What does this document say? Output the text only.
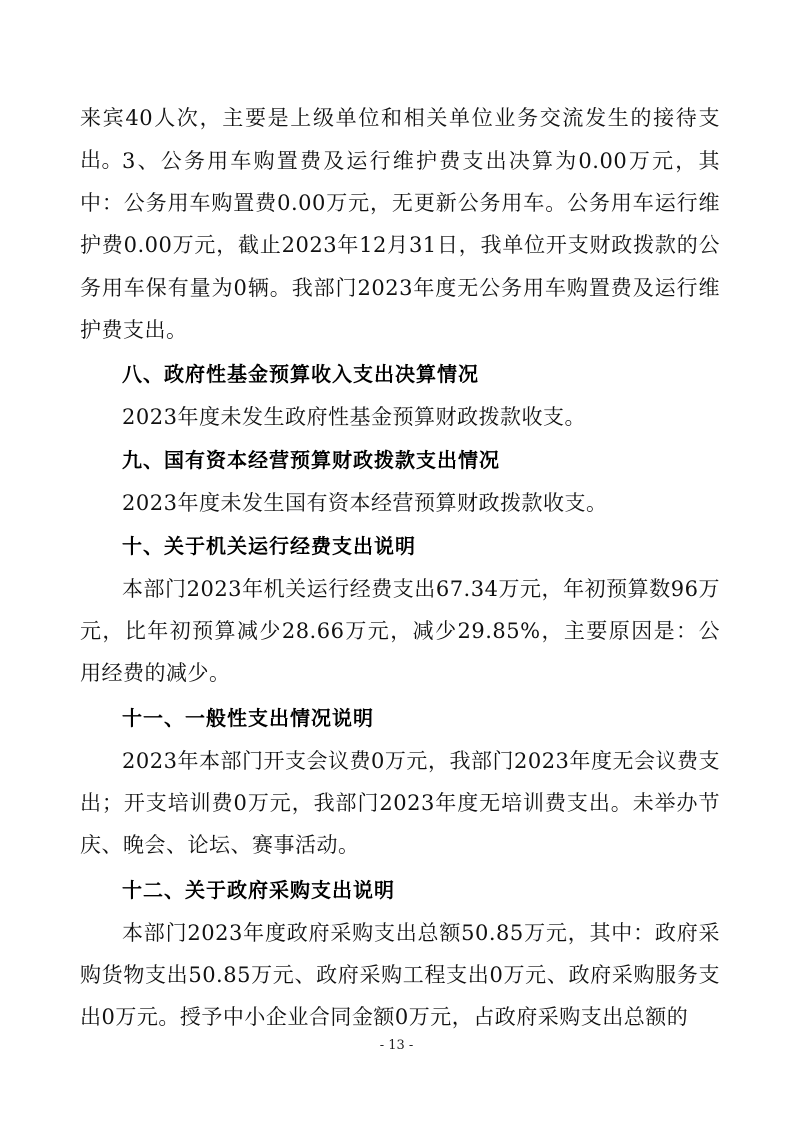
来宾40人次，主要是上级单位和相关单位业务交流发生的接待支出。 3、公务用车购置费及运行维护费支出决算为0.00万元，其中：公务用车购置费0.00万元，无更新公务用车。公务用车运行维护费0.00万元，截止2023年12月31日，我单位开支财政拨款的公务用车保有量为0辆。我部门2023年度无公务用车购置费及运行维护费支出。

八、政府性基金预算收入支出决算情况

2023年度未发生政府性基金预算财政拨款收支。

九、国有资本经营预算财政拨款支出情况

2023年度未发生国有资本经营预算财政拨款收支。

十、关于机关运行经费支出说明

本部门2023年机关运行经费支出67.34万元，年初预算数96万元，比年初预算减少28.66万元，减少29.85%，主要原因是：公用经费的减少。

十一、一般性支出情况说明

2023年本部门开支会议费0万元，我部门2023年度无会议费支出；开支培训费0万元，我部门2023年度无培训费支出。未举办节庆、晚会、论坛、赛事活动。

十二、关于政府采购支出说明

本部门2023年度政府采购支出总额50.85万元，其中：政府采购货物支出50.85万元、政府采购工程支出0万元、政府采购服务支出0万元。授予中小企业合同金额0万元，占政府采购支出总额的

- 13 -
